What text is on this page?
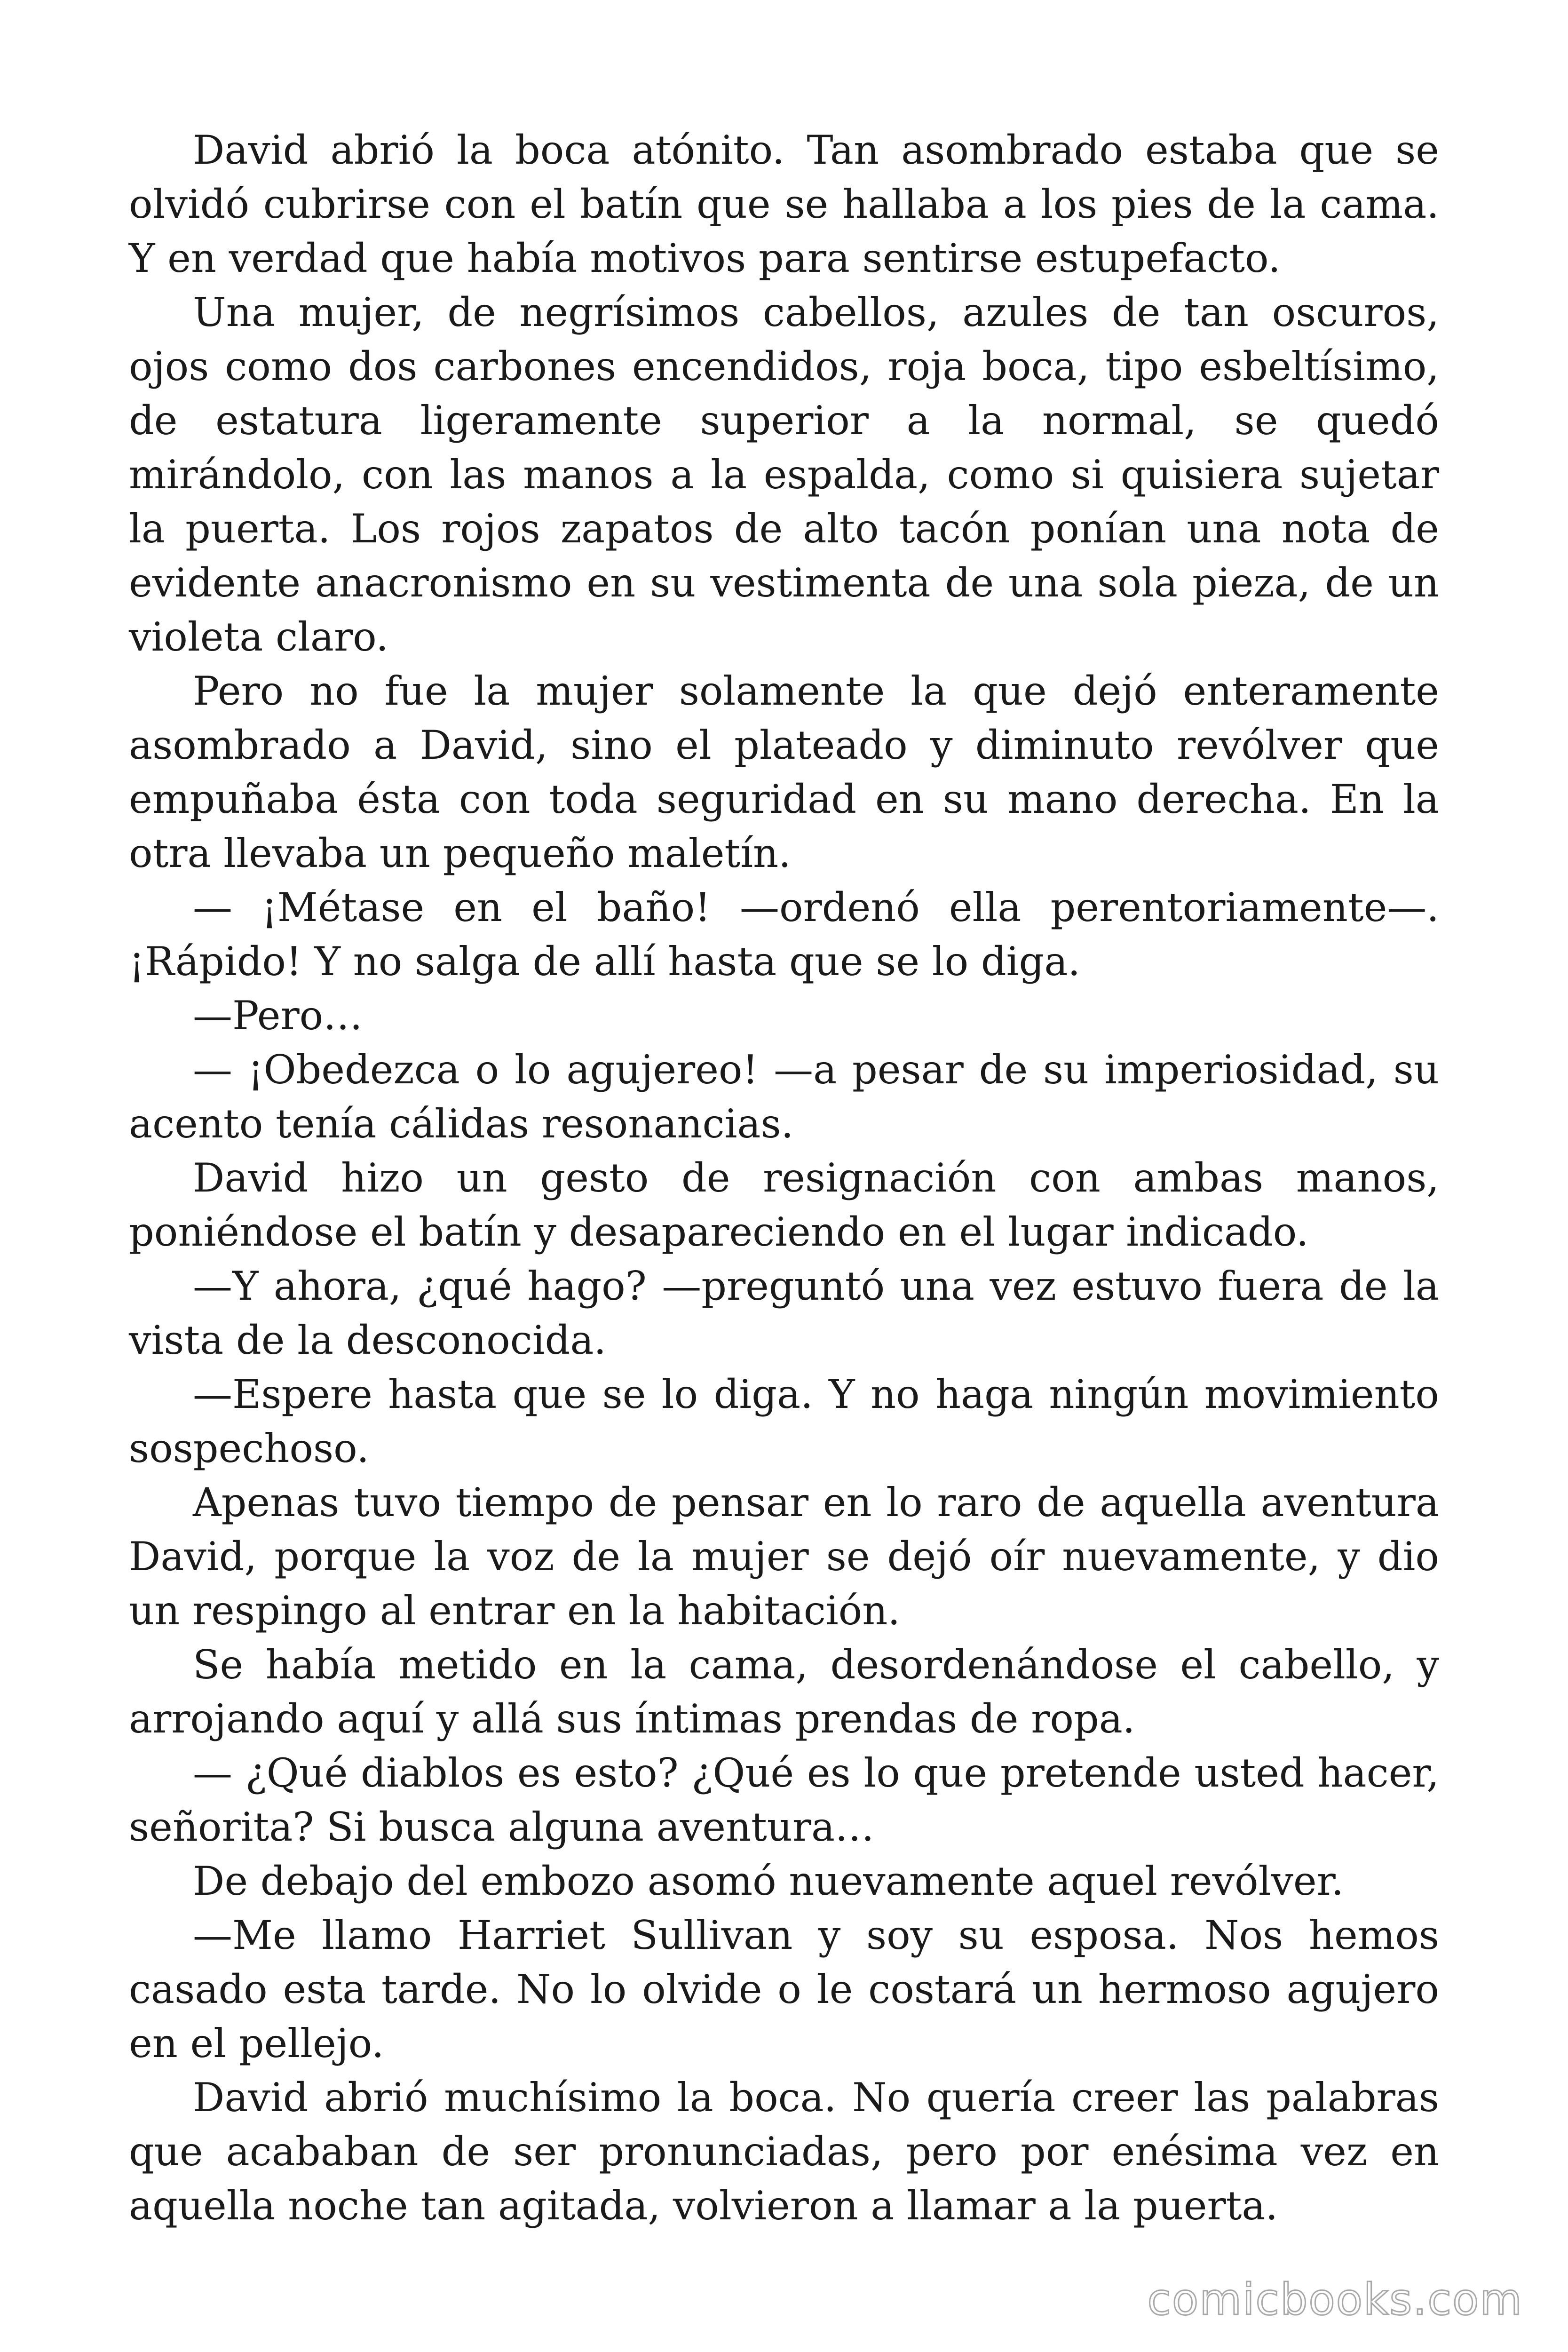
David abrió la boca atónito. Tan asombrado estaba que se olvidó cubrirse con el batín que se hallaba a los pies de la cama. Y en verdad que había motivos para sentirse estupefacto.

Una mujer, de negrísimos cabellos, azules de tan oscuros, ojos como dos carbones encendidos, roja boca, tipo esbeltísimo, de estatura ligeramente superior a la normal, se quedó mirándolo, con las manos a la espalda, como si quisiera sujetar la puerta. Los rojos zapatos de alto tacón ponían una nota de evidente anacronismo en su vestimenta de una sola pieza, de un violeta claro.

Pero no fue la mujer solamente la que dejó enteramente asombrado a David, sino el plateado y diminuto revólver que empuñaba ésta con toda seguridad en su mano derecha. En la otra llevaba un pequeño maletín.

— ¡Métase en el baño! —ordenó ella perentoriamente—. ¡Rápido! Y no salga de allí hasta que se lo diga.

—Pero…

— ¡Obedezca o lo agujereo! —a pesar de su imperiosidad, su acento tenía cálidas resonancias.

David hizo un gesto de resignación con ambas manos, poniéndose el batín y desapareciendo en el lugar indicado.

—Y ahora, ¿qué hago? —preguntó una vez estuvo fuera de la vista de la desconocida.

—Espere hasta que se lo diga. Y no haga ningún movimiento sospechoso.

Apenas tuvo tiempo de pensar en lo raro de aquella aventura David, porque la voz de la mujer se dejó oír nuevamente, y dio un respingo al entrar en la habitación.

Se había metido en la cama, desordenándose el cabello, y arrojando aquí y allá sus íntimas prendas de ropa.

— ¿Qué diablos es esto? ¿Qué es lo que pretende usted hacer, señorita? Si busca alguna aventura…

De debajo del embozo asomó nuevamente aquel revólver.

—Me llamo Harriet Sullivan y soy su esposa. Nos hemos casado esta tarde. No lo olvide o le costará un hermoso agujero en el pellejo.

David abrió muchísimo la boca. No quería creer las palabras que acababan de ser pronunciadas, pero por enésima vez en aquella noche tan agitada, volvieron a llamar a la puerta.

comicbooks.com
